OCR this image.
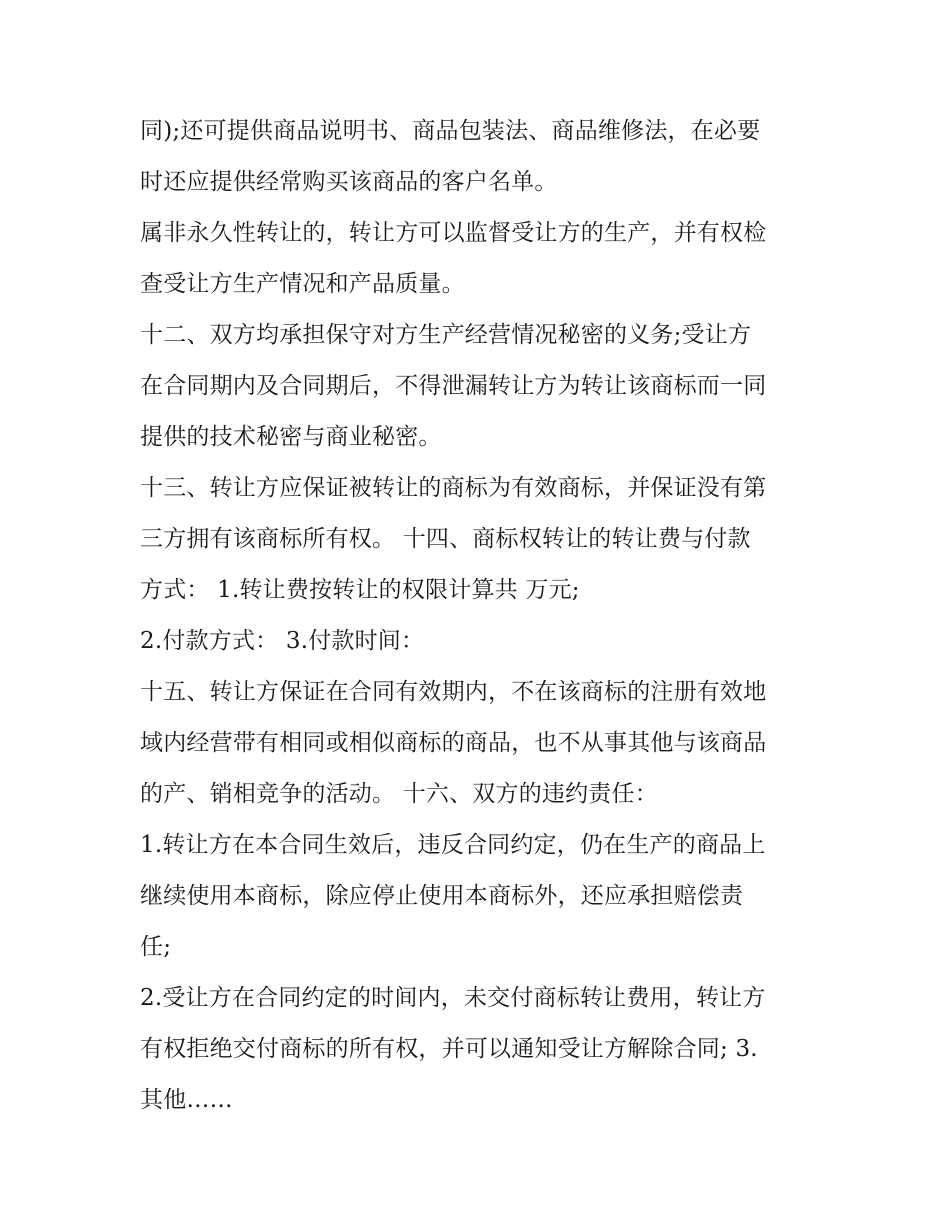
同);还可提供商品说明书、商品包装法、商品维修法，在必要
时还应提供经常购买该商品的客户名单。
属非永久性转让的，转让方可以监督受让方的生产，并有权检
查受让方生产情况和产品质量。
十二、双方均承担保守对方生产经营情况秘密的义务;受让方
在合同期内及合同期后，不得泄漏转让方为转让该商标而一同
提供的技术秘密与商业秘密。
十三、转让方应保证被转让的商标为有效商标，并保证没有第
三方拥有该商标所有权。 十四、商标权转让的转让费与付款
方式： 1.转让费按转让的权限计算共 万元;
2.付款方式： 3.付款时间：
十五、转让方保证在合同有效期内，不在该商标的注册有效地
域内经营带有相同或相似商标的商品，也不从事其他与该商品
的产、销相竞争的活动。 十六、双方的违约责任：
1.转让方在本合同生效后，违反合同约定，仍在生产的商品上
继续使用本商标，除应停止使用本商标外，还应承担赔偿责
任;
2.受让方在合同约定的时间内，未交付商标转让费用，转让方
有权拒绝交付商标的所有权，并可以通知受让方解除合同; 3.
其他……
